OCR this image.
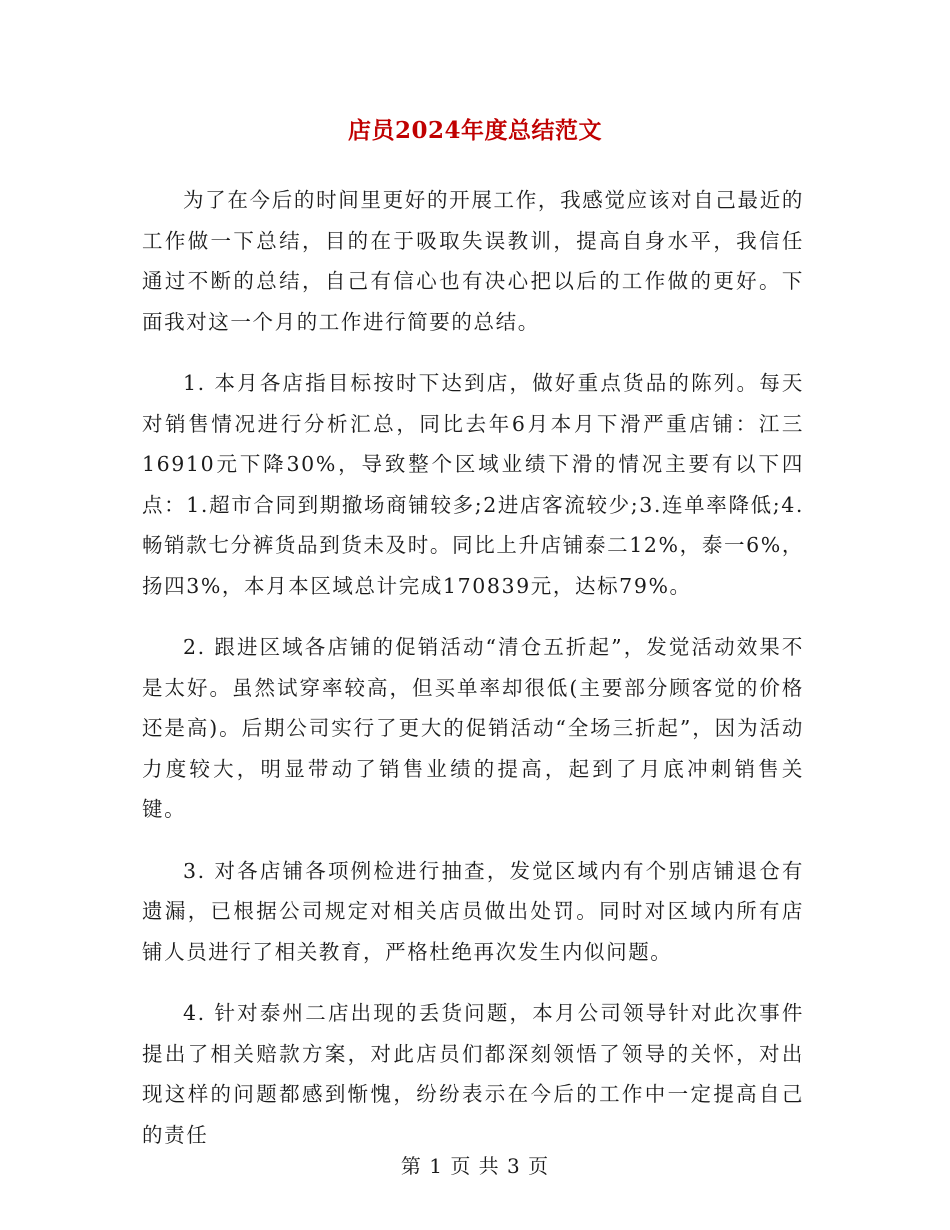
店员2024年度总结范文

为了在今后的时间里更好的开展工作，我感觉应该对自己最近的工作做一下总结，目的在于吸取失误教训，提高自身水平，我信任通过不断的总结，自己有信心也有决心把以后的工作做的更好。下面我对这一个月的工作进行简要的总结。

1. 本月各店指目标按时下达到店，做好重点货品的陈列。每天对销售情况进行分析汇总，同比去年6月本月下滑严重店铺：江三16910元下降30%，导致整个区域业绩下滑的情况主要有以下四点：1.超市合同到期撤场商铺较多;2进店客流较少;3.连单率降低;4.畅销款七分裤货品到货未及时。同比上升店铺泰二12%，泰一6%，扬四3%，本月本区域总计完成170839元，达标79%。

2. 跟进区域各店铺的促销活动“清仓五折起”，发觉活动效果不是太好。虽然试穿率较高，但买单率却很低(主要部分顾客觉的价格还是高)。后期公司实行了更大的促销活动“全场三折起”，因为活动力度较大，明显带动了销售业绩的提高，起到了月底冲刺销售关键。

3. 对各店铺各项例检进行抽查，发觉区域内有个别店铺退仓有遗漏，已根据公司规定对相关店员做出处罚。同时对区域内所有店铺人员进行了相关教育，严格杜绝再次发生内似问题。

4. 针对泰州二店出现的丢货问题，本月公司领导针对此次事件提出了相关赔款方案，对此店员们都深刻领悟了领导的关怀，对出现这样的问题都感到惭愧，纷纷表示在今后的工作中一定提高自己的责任

第 1 页 共 3 页
